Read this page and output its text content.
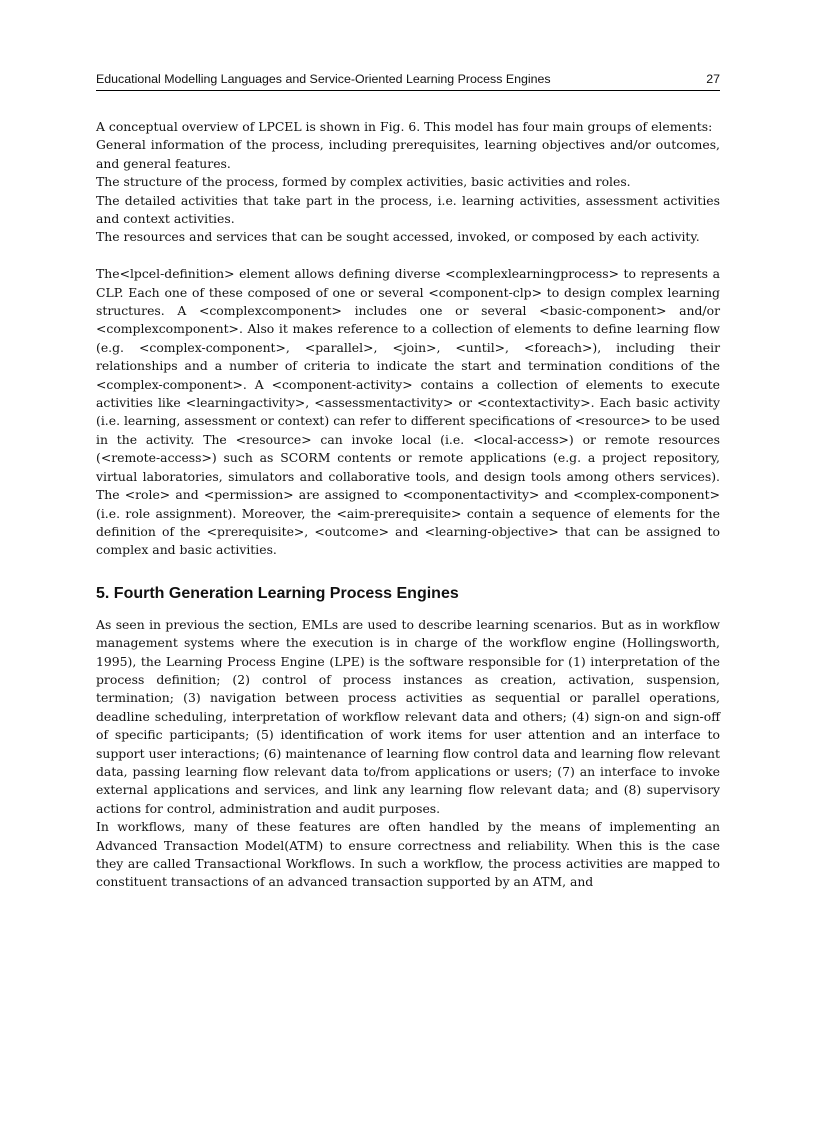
Educational Modelling Languages and Service-Oriented Learning Process Engines	27

A conceptual overview of LPCEL is shown in Fig. 6. This model has four main groups of elements:

General information of the process, including prerequisites, learning objectives and/or outcomes, and general features.

The structure of the process, formed by complex activities, basic activities and roles.

The detailed activities that take part in the process, i.e. learning activities, assessment activities and context activities.

The resources and services that can be sought accessed, invoked, or composed by each activity.

The<lpcel-definition> element allows defining diverse <complexlearningprocess> to represents a CLP. Each one of these composed of one or several <component-clp> to design complex learning structures. A <complexcomponent> includes one or several <basic-component> and/or <complexcomponent>. Also it makes reference to a collection of elements to define learning flow (e.g. <complex-component>, <parallel>, <join>, <until>, <foreach>), including their relationships and a number of criteria to indicate the start and termination conditions of the <complex-component>. A <component-activity> contains a collection of elements to execute activities like <learningactivity>, <assessmentactivity> or <contextactivity>. Each basic activity (i.e. learning, assessment or context) can refer to different specifications of <resource> to be used in the activity. The <resource> can invoke local (i.e. <local-access>) or remote resources (<remote-access>) such as SCORM contents or remote applications (e.g. a project repository, virtual laboratories, simulators and collaborative tools, and design tools among others services). The <role> and <permission> are assigned to <componentactivity> and <complex-component> (i.e. role assignment). Moreover, the <aim-prerequisite> contain a sequence of elements for the definition of the <prerequisite>, <outcome> and <learning-objective> that can be assigned to complex and basic activities.

5. Fourth Generation Learning Process Engines

As seen in previous the section, EMLs are used to describe learning scenarios. But as in workflow management systems where the execution is in charge of the workflow engine (Hollingsworth, 1995), the Learning Process Engine (LPE) is the software responsible for (1) interpretation of the process definition; (2) control of process instances as creation, activation, suspension, termination; (3) navigation between process activities as sequential or parallel operations, deadline scheduling, interpretation of workflow relevant data and others; (4) sign-on and sign-off of specific participants; (5) identification of work items for user attention and an interface to support user interactions; (6) maintenance of learning flow control data and learning flow relevant data, passing learning flow relevant data to/from applications or users; (7) an interface to invoke external applications and services, and link any learning flow relevant data; and (8) supervisory actions for control, administration and audit purposes.

In workflows, many of these features are often handled by the means of implementing an Advanced Transaction Model(ATM) to ensure correctness and reliability. When this is the case they are called Transactional Workflows. In such a workflow, the process activities are mapped to constituent transactions of an advanced transaction supported by an ATM, and
